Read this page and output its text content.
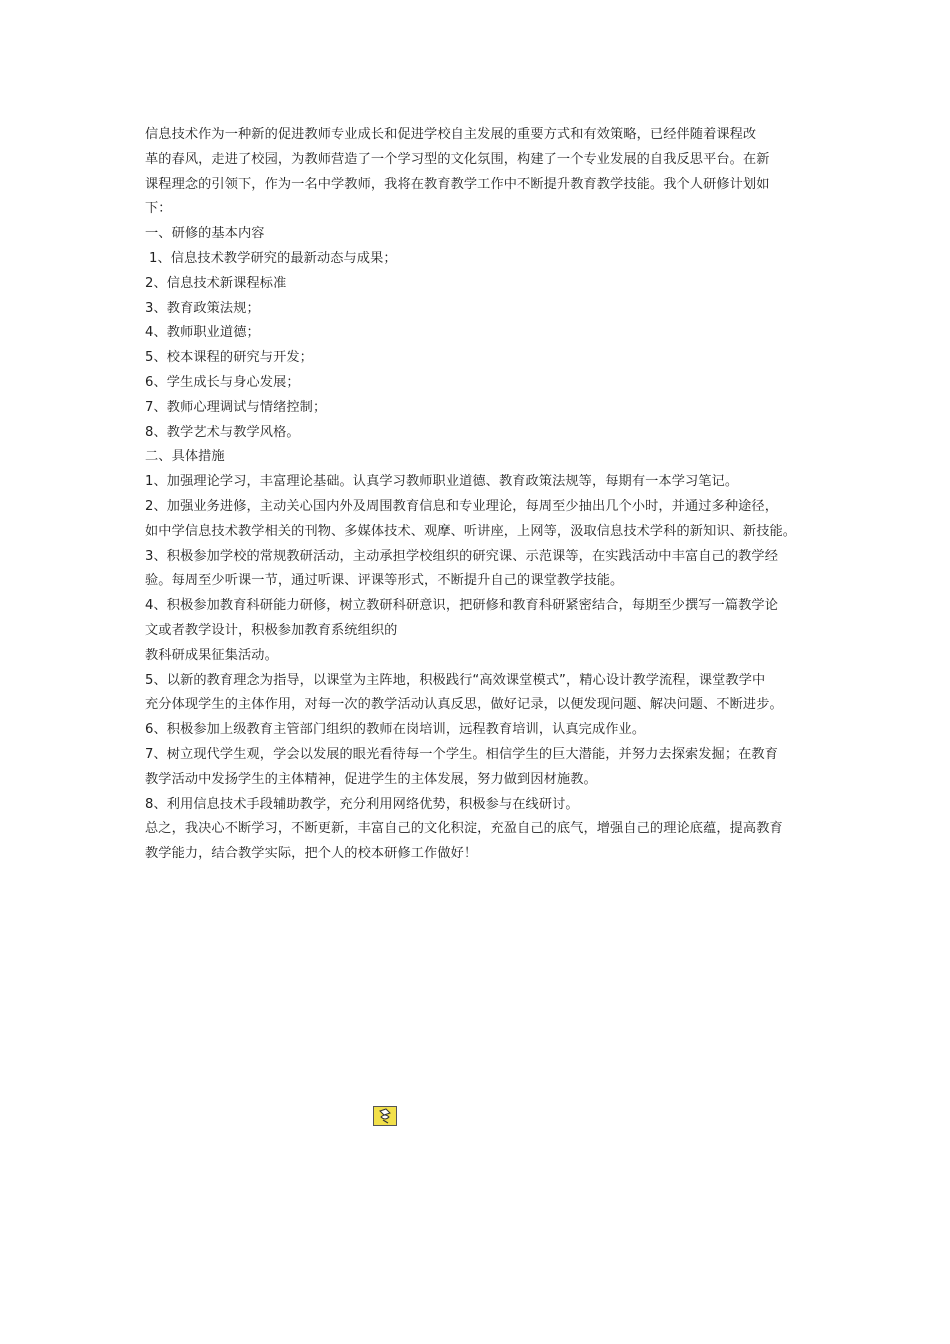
信息技术作为一种新的促进教师专业成长和促进学校自主发展的重要方式和有效策略，已经伴随着课程改
革的春风，走进了校园，为教师营造了一个学习型的文化氛围，构建了一个专业发展的自我反思平台。在新
课程理念的引领下，作为一名中学教师，我将在教育教学工作中不断提升教育教学技能。我个人研修计划如
下：
一、研修的基本内容
1、信息技术教学研究的最新动态与成果；
2、信息技术新课程标准
3、教育政策法规；
4、教师职业道德；
5、校本课程的研究与开发；
6、学生成长与身心发展；
7、教师心理调试与情绪控制；
8、教学艺术与教学风格。
二、具体措施
1、加强理论学习，丰富理论基础。认真学习教师职业道德、教育政策法规等，每期有一本学习笔记。
2、加强业务进修，主动关心国内外及周围教育信息和专业理论，每周至少抽出几个小时，并通过多种途径，
如中学信息技术教学相关的刊物、多媒体技术、观摩、听讲座，上网等，汲取信息技术学科的新知识、新技能。
3、积极参加学校的常规教研活动，主动承担学校组织的研究课、示范课等，在实践活动中丰富自己的教学经
验。每周至少听课一节，通过听课、评课等形式，不断提升自己的课堂教学技能。
4、积极参加教育科研能力研修，树立教研科研意识，把研修和教育科研紧密结合，每期至少撰写一篇教学论
文或者教学设计，积极参加教育系统组织的
教科研成果征集活动。
5、以新的教育理念为指导，以课堂为主阵地，积极践行“高效课堂模式”，精心设计教学流程，课堂教学中
充分体现学生的主体作用，对每一次的教学活动认真反思，做好记录，以便发现问题、解决问题、不断进步。
6、积极参加上级教育主管部门组织的教师在岗培训，远程教育培训，认真完成作业。
7、树立现代学生观，学会以发展的眼光看待每一个学生。相信学生的巨大潜能，并努力去探索发掘；在教育
教学活动中发扬学生的主体精神，促进学生的主体发展，努力做到因材施教。
8、利用信息技术手段辅助教学，充分利用网络优势，积极参与在线研讨。
总之，我决心不断学习，不断更新，丰富自己的文化积淀，充盈自己的底气，增强自己的理论底蕴，提高教育
教学能力，结合教学实际，把个人的校本研修工作做好！
